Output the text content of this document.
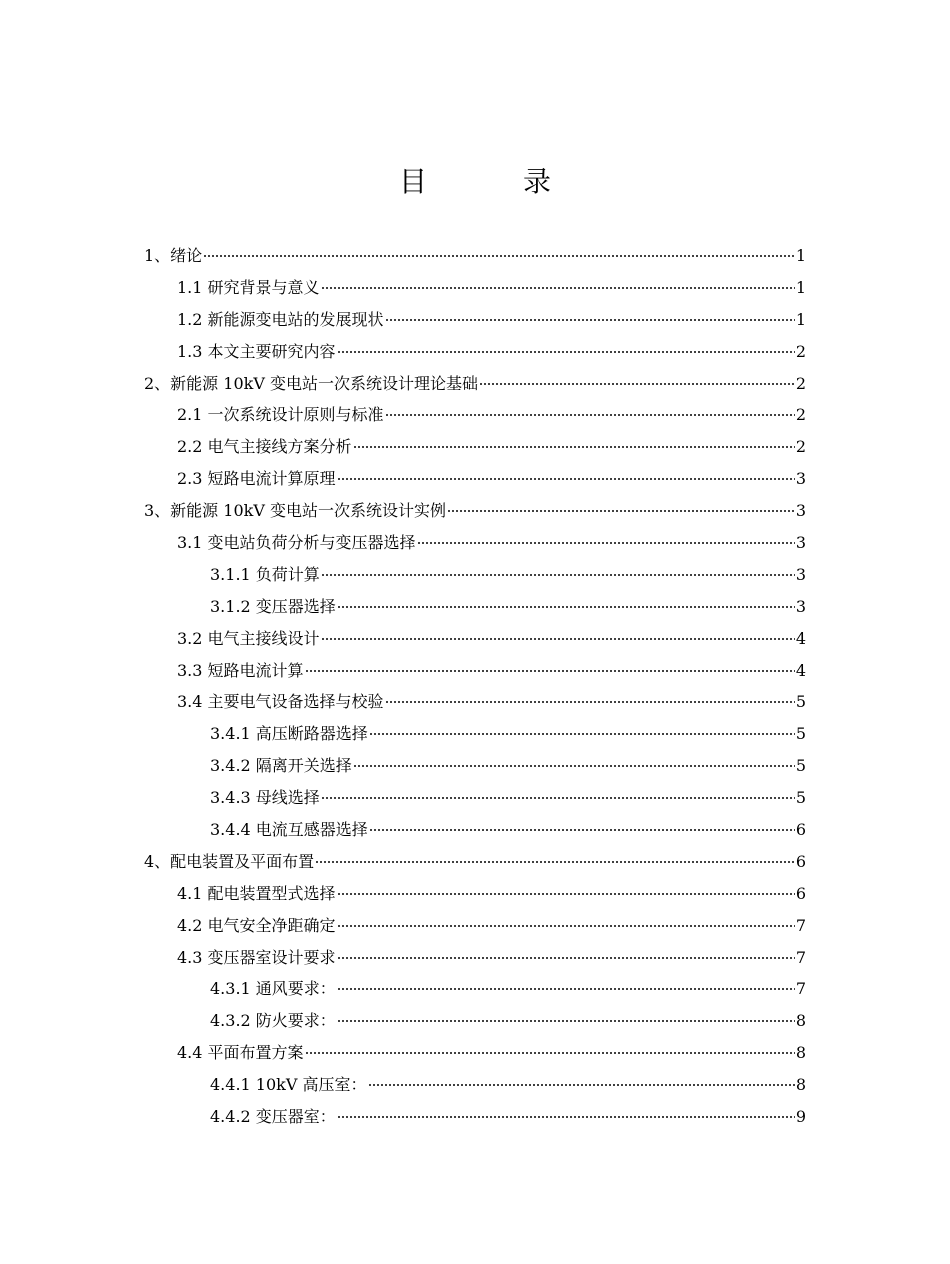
目　录
1、绪论	1
1.1 研究背景与意义	1
1.2 新能源变电站的发展现状	1
1.3 本文主要研究内容	2
2、新能源 10kV 变电站一次系统设计理论基础	2
2.1 一次系统设计原则与标准	2
2.2 电气主接线方案分析	2
2.3 短路电流计算原理	3
3、新能源 10kV 变电站一次系统设计实例	3
3.1 变电站负荷分析与变压器选择	3
3.1.1 负荷计算	3
3.1.2 变压器选择	3
3.2 电气主接线设计	4
3.3 短路电流计算	4
3.4 主要电气设备选择与校验	5
3.4.1 高压断路器选择	5
3.4.2 隔离开关选择	5
3.4.3 母线选择	5
3.4.4 电流互感器选择	6
4、配电装置及平面布置	6
4.1 配电装置型式选择	6
4.2 电气安全净距确定	7
4.3 变压器室设计要求	7
4.3.1 通风要求：	7
4.3.2 防火要求：	8
4.4 平面布置方案	8
4.4.1 10kV 高压室：	8
4.4.2 变压器室：	9
